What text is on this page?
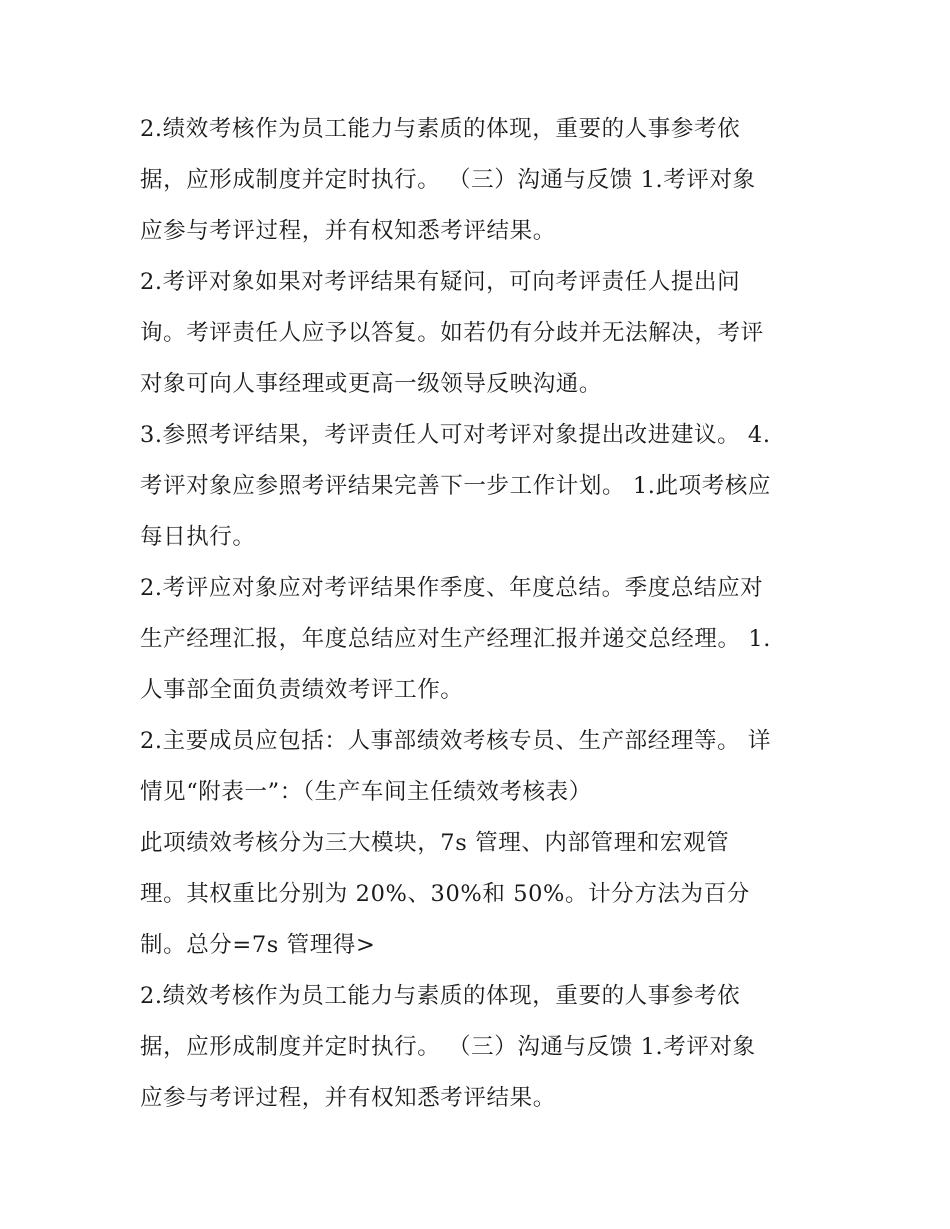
2.绩效考核作为员工能力与素质的体现，重要的人事参考依
据，应形成制度并定时执行。 （三）沟通与反馈 1.考评对象
应参与考评过程，并有权知悉考评结果。
2.考评对象如果对考评结果有疑问，可向考评责任人提出问
询。考评责任人应予以答复。如若仍有分歧并无法解决，考评
对象可向人事经理或更高一级领导反映沟通。
3.参照考评结果，考评责任人可对考评对象提出改进建议。 4.
考评对象应参照考评结果完善下一步工作计划。 1.此项考核应
每日执行。
2.考评应对象应对考评结果作季度、年度总结。季度总结应对
生产经理汇报，年度总结应对生产经理汇报并递交总经理。 1.
人事部全面负责绩效考评工作。
2.主要成员应包括：人事部绩效考核专员、生产部经理等。 详
情见“附表一”：（生产车间主任绩效考核表）
此项绩效考核分为三大模块，7s 管理、内部管理和宏观管
理。其权重比分别为 20%、30%和 50%。计分方法为百分
制。总分=7s 管理得>
2.绩效考核作为员工能力与素质的体现，重要的人事参考依
据，应形成制度并定时执行。 （三）沟通与反馈 1.考评对象
应参与考评过程，并有权知悉考评结果。
